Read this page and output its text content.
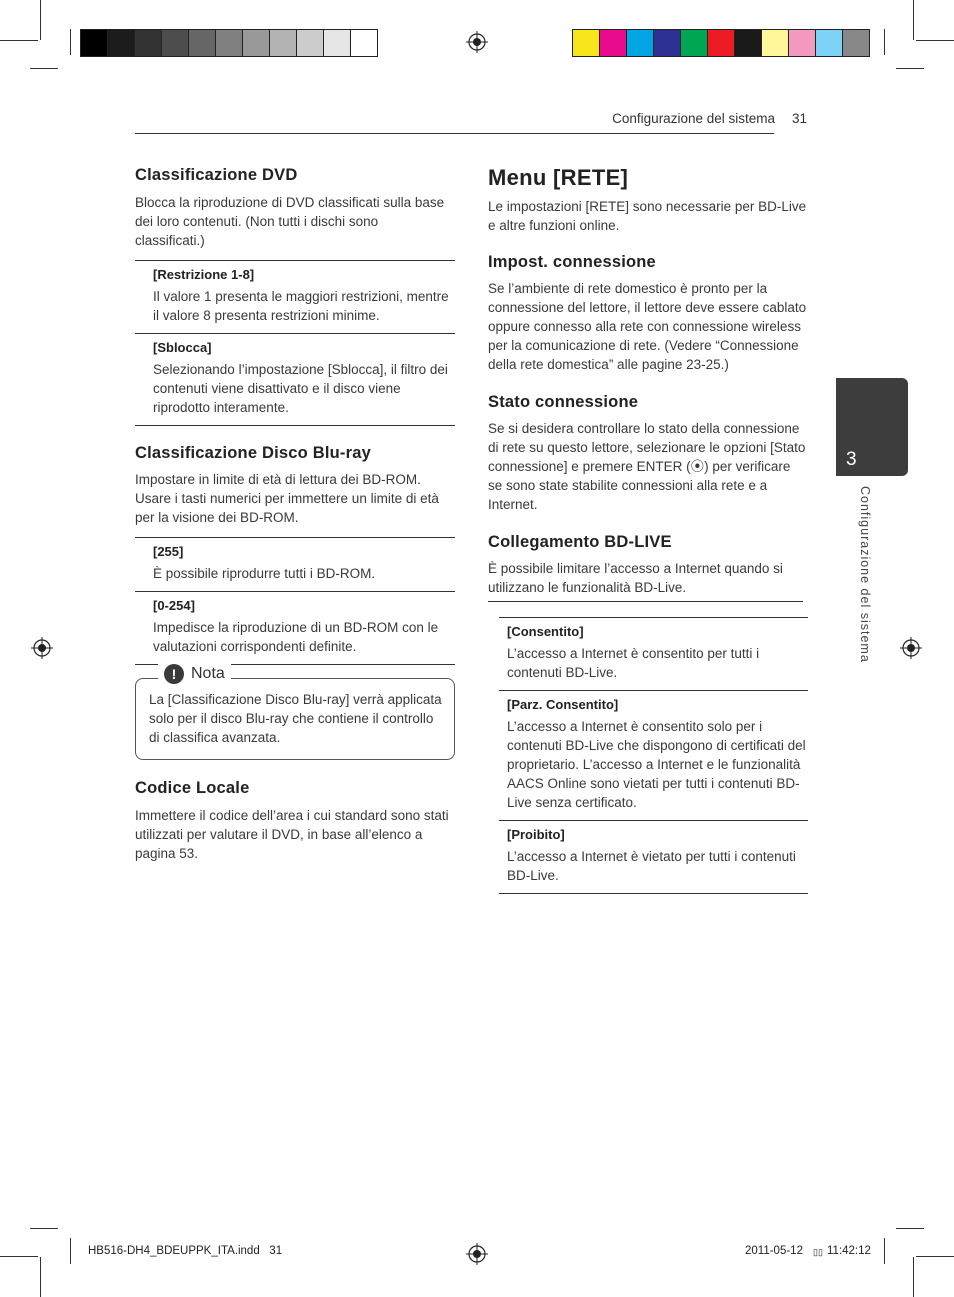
Configurazione del sistema 31
3
Configurazione del sistema
Classificazione DVD

Blocca la riproduzione di DVD classificati sulla base dei loro contenuti. (Non tutti i dischi sono classificati.)

[Restrizione 1-8]
Il valore 1 presenta le maggiori restrizioni, mentre il valore 8 presenta restrizioni minime.
[Sblocca]
Selezionando l’impostazione [Sblocca], il filtro dei contenuti viene disattivato e il disco viene riprodotto interamente.
Classificazione Disco Blu-ray

Impostare in limite di età di lettura dei BD-ROM. Usare i tasti numerici per immettere un limite di età per la visione dei BD-ROM.

[255]
È possibile riprodurre tutti i BD-ROM.
[0-254]
Impedisce la riproduzione di un BD-ROM con le valutazioni corrispondenti definite.

La [Classificazione Disco Blu-ray] verrà applicata solo per il disco Blu-ray che contiene il controllo di classifica avanzata.

! Nota
Codice Locale

Immettere il codice dell’area i cui standard sono stati utilizzati per valutare il DVD, in base all’elenco a pagina 53.

Menu [RETE]

Le impostazioni [RETE] sono necessarie per BD-Live e altre funzioni online.

Impost. connessione

Se l’ambiente di rete domestico è pronto per la connessione del lettore, il lettore deve essere cablato oppure connesso alla rete con connessione wireless per la comunicazione di rete. (Vedere “Connessione della rete domestica” alle pagine 23-25.)

Stato connessione

Se si desidera controllare lo stato della connessione di rete su questo lettore, selezionare le opzioni [Stato connessione] e premere ENTER (⦿) per verificare se sono state stabilite connessioni alla rete e a Internet.

Collegamento BD-LIVE

È possibile limitare l’accesso a Internet quando si utilizzano le funzionalità BD-Live.

[Consentito]
L’accesso a Internet è consentito per tutti i contenuti BD-Live.
[Parz. Consentito]
L’accesso a Internet è consentito solo per i contenuti BD-Live che dispongono di certificati del proprietario. L’accesso a Internet e le funzionalità AACS Online sono vietati per tutti i contenuti BD-Live senza certificato.
[Proibito]
L’accesso a Internet è vietato per tutti i contenuti BD-Live.
HB516-DH4_BDEUPPK_ITA.indd   31	2011-05-12 ▯▯ 11:42:12
